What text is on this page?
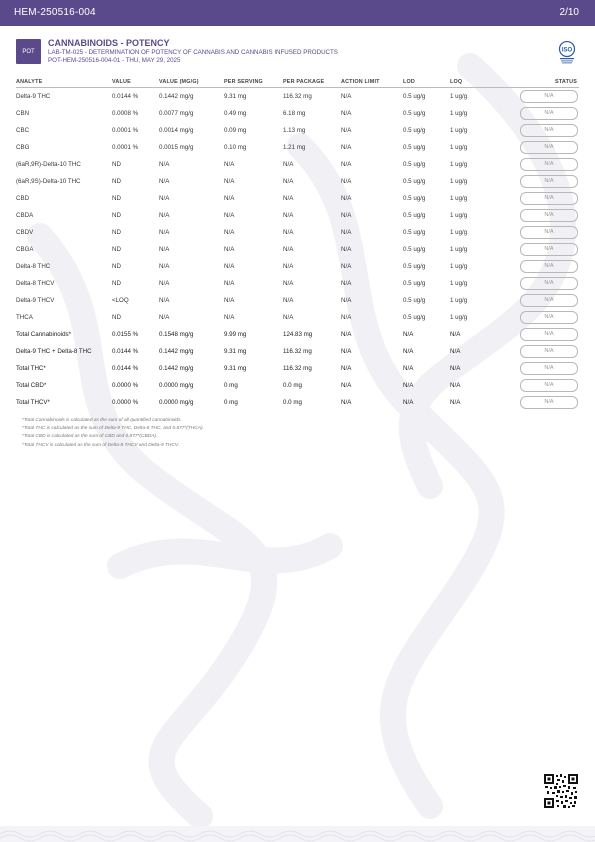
HEM-250516-004	2/10
POT
CANNABINOIDS - POTENCY
LAB-TM-025 - DETERMINATION OF POTENCY OF CANNABIS AND CANNABIS INFUSED PRODUCTS
POT-HEM-250516-004-01 - THU, MAY 29, 2025
ISO
ANALYTE	VALUE	VALUE (MG/G)	PER SERVING	PER PACKAGE	ACTION LIMIT	LOD	LOQ	STATUS
Delta-9 THC	0.0144 %	0.1442 mg/g	9.31 mg	116.32 mg	N/A	0.5 ug/g	1 ug/g	N/A

CBN	0.0008 %	0.0077 mg/g	0.49 mg	6.18 mg	N/A	0.5 ug/g	1 ug/g	N/A

CBC	0.0001 %	0.0014 mg/g	0.09 mg	1.13 mg	N/A	0.5 ug/g	1 ug/g	N/A

CBG	0.0001 %	0.0015 mg/g	0.10 mg	1.21 mg	N/A	0.5 ug/g	1 ug/g	N/A

(6aR,9R)-Delta-10 THC	ND	N/A	N/A	N/A	N/A	0.5 ug/g	1 ug/g	N/A

(6aR,9S)-Delta-10 THC	ND	N/A	N/A	N/A	N/A	0.5 ug/g	1 ug/g	N/A

CBD	ND	N/A	N/A	N/A	N/A	0.5 ug/g	1 ug/g	N/A

CBDA	ND	N/A	N/A	N/A	N/A	0.5 ug/g	1 ug/g	N/A

CBDV	ND	N/A	N/A	N/A	N/A	0.5 ug/g	1 ug/g	N/A

CBGA	ND	N/A	N/A	N/A	N/A	0.5 ug/g	1 ug/g	N/A

Delta-8 THC	ND	N/A	N/A	N/A	N/A	0.5 ug/g	1 ug/g	N/A

Delta-8 THCV	ND	N/A	N/A	N/A	N/A	0.5 ug/g	1 ug/g	N/A

Delta-9 THCV	<LOQ	N/A	N/A	N/A	N/A	0.5 ug/g	1 ug/g	N/A

THCA	ND	N/A	N/A	N/A	N/A	0.5 ug/g	1 ug/g	N/A

Total Cannabinoids*	0.0155 %	0.1548 mg/g	9.99 mg	124.83 mg	N/A	N/A	N/A	N/A

Delta-9 THC + Delta-8 THC	0.0144 %	0.1442 mg/g	9.31 mg	116.32 mg	N/A	N/A	N/A	N/A

Total THC*	0.0144 %	0.1442 mg/g	9.31 mg	116.32 mg	N/A	N/A	N/A	N/A

Total CBD*	0.0000 %	0.0000 mg/g	0 mg	0.0 mg	N/A	N/A	N/A	N/A

Total THCV*	0.0000 %	0.0000 mg/g	0 mg	0.0 mg	N/A	N/A	N/A	N/A
*Total Cannabinoids is calculated as the sum of all quantified cannabinoids.
*Total THC is calculated as the sum of Delta-9 THC, Delta-8 THC, and 0.877*(THCA).
*Total CBD is calculated as the sum of CBD and 0.877*(CBDA).
*Total THCV is calculated as the sum of Delta-8 THCV and Delta-9 THCV.
